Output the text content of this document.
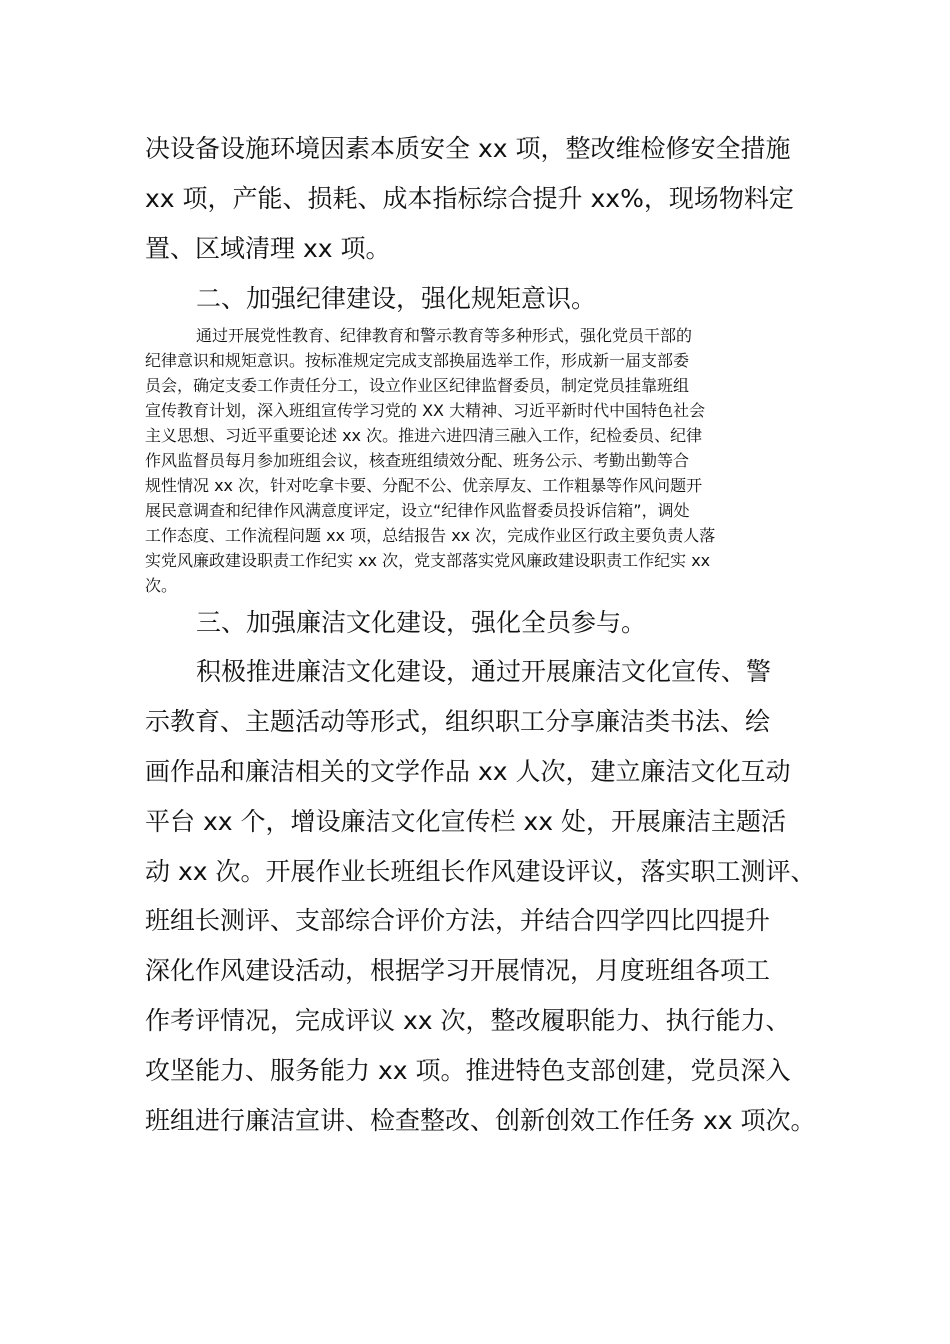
决设备设施环境因素本质安全 xx 项，整改维检修安全措施
xx 项，产能、损耗、成本指标综合提升 xx%，现场物料定
置、区域清理 xx 项。
二、加强纪律建设，强化规矩意识。
通过开展党性教育、纪律教育和警示教育等多种形式，强化党员干部的
纪律意识和规矩意识。按标准规定完成支部换届选举工作，形成新一届支部委
员会，确定支委工作责任分工，设立作业区纪律监督委员，制定党员挂靠班组
宣传教育计划，深入班组宣传学习党的 XX 大精神、习近平新时代中国特色社会
主义思想、习近平重要论述 xx 次。推进六进四清三融入工作，纪检委员、纪律
作风监督员每月参加班组会议，核查班组绩效分配、班务公示、考勤出勤等合
规性情况 xx 次，针对吃拿卡要、分配不公、优亲厚友、工作粗暴等作风问题开
展民意调查和纪律作风满意度评定，设立“纪律作风监督委员投诉信箱”，调处
工作态度、工作流程问题 xx 项，总结报告 xx 次，完成作业区行政主要负责人落
实党风廉政建设职责工作纪实 xx 次，党支部落实党风廉政建设职责工作纪实 xx
次。
三、加强廉洁文化建设，强化全员参与。
积极推进廉洁文化建设，通过开展廉洁文化宣传、警
示教育、主题活动等形式，组织职工分享廉洁类书法、绘
画作品和廉洁相关的文学作品 xx 人次，建立廉洁文化互动
平台 xx 个，增设廉洁文化宣传栏 xx 处，开展廉洁主题活
动 xx 次。开展作业长班组长作风建设评议，落实职工测评、
班组长测评、支部综合评价方法，并结合四学四比四提升
深化作风建设活动，根据学习开展情况，月度班组各项工
作考评情况，完成评议 xx 次，整改履职能力、执行能力、
攻坚能力、服务能力 xx 项。推进特色支部创建，党员深入
班组进行廉洁宣讲、检查整改、创新创效工作任务 xx 项次。
